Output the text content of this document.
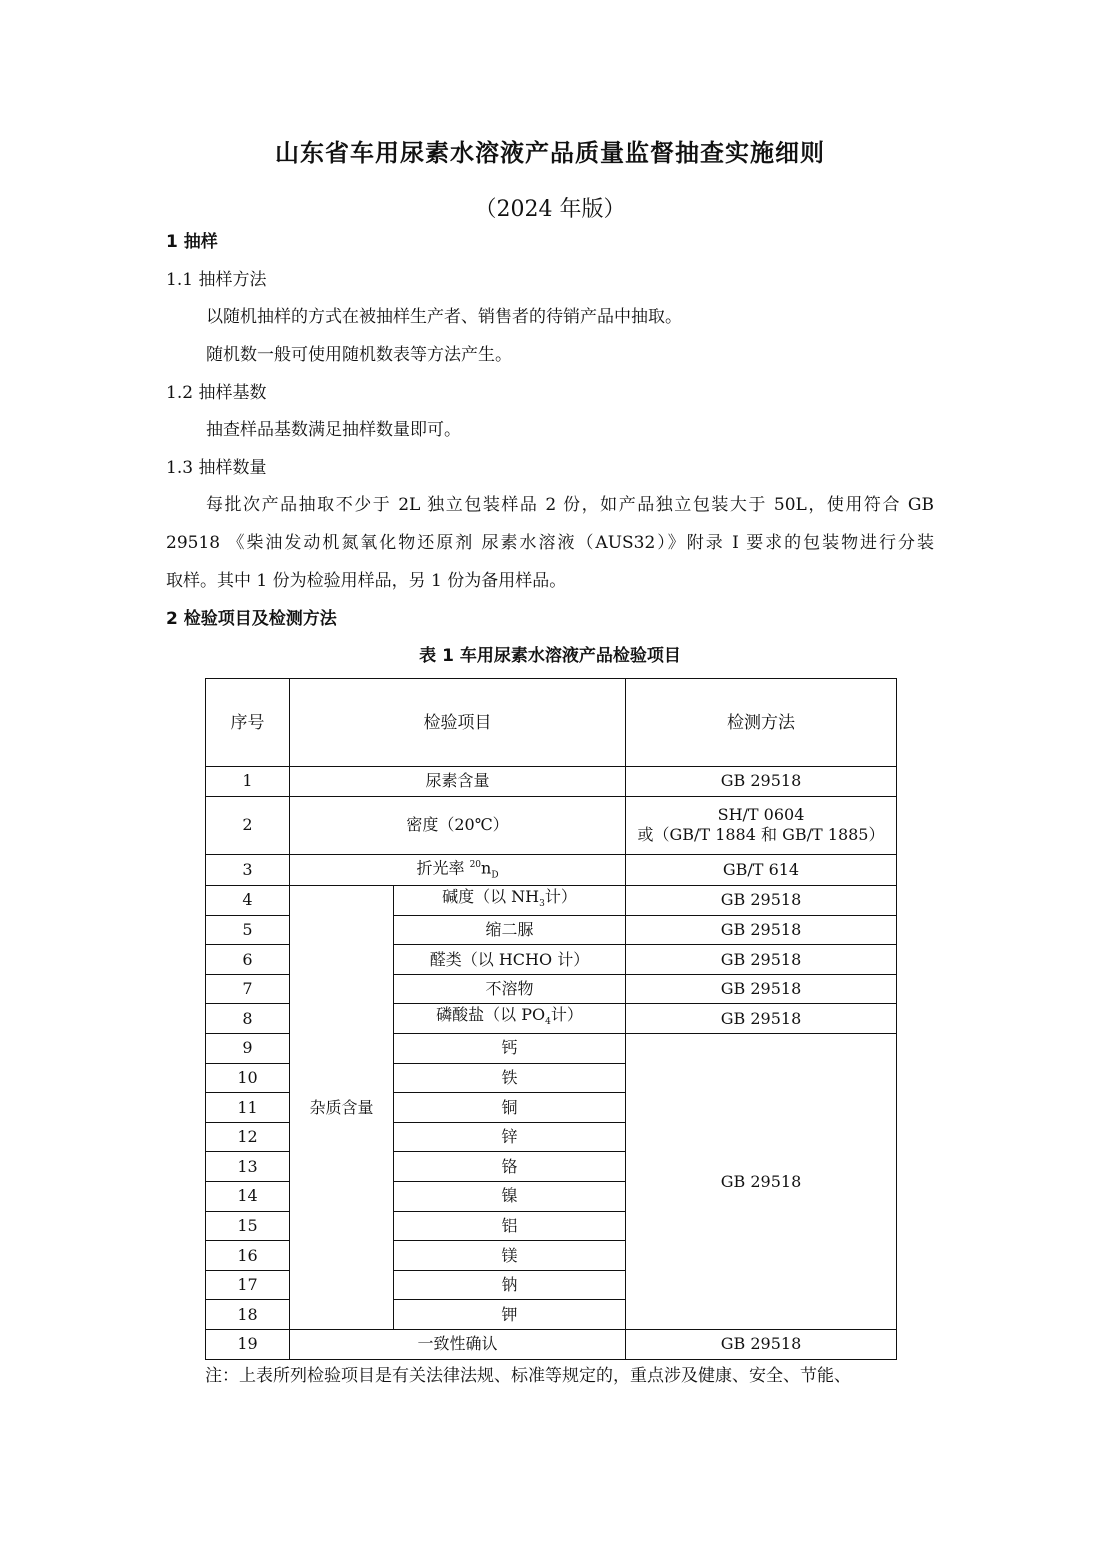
山东省车用尿素水溶液产品质量监督抽查实施细则
（2024 年版）
1 抽样
1.1 抽样方法
以随机抽样的方式在被抽样生产者、销售者的待销产品中抽取。
随机数一般可使用随机数表等方法产生。
1.2 抽样基数
抽查样品基数满足抽样数量即可。
1.3 抽样数量
每批次产品抽取不少于 2L 独立包装样品 2 份，如产品独立包装大于 50L，使用符合 GB
29518 《柴油发动机氮氧化物还原剂 尿素水溶液（AUS32）》附录 I 要求的包装物进行分装
取样。其中 1 份为检验用样品，另 1 份为备用样品。
2 检验项目及检测方法
表 1 车用尿素水溶液产品检验项目
序号	检验项目		检测方法
1	尿素含量		GB 29518
2	密度（20℃）		SH/T 0604
或（GB/T 1884 和 GB/T 1885）

3	折光率 $^{20}n_D$		GB/T 614
4	杂质含量	碱度（以 $NH_3$计）	GB 29518
5		缩二脲	GB 29518
6		醛类（以 HCHO 计）	GB 29518
7		不溶物	GB 29518
8		磷酸盐（以 $PO_4$计）	GB 29518
9		钙	GB 29518
10		铁	
11		铜	
12		锌	
13		铬	
14		镍	
15		铝	
16		镁	
17		钠	
18		钾	
19	一致性确认		GB 29518
注：上表所列检验项目是有关法律法规、标准等规定的，重点涉及健康、安全、节能、
